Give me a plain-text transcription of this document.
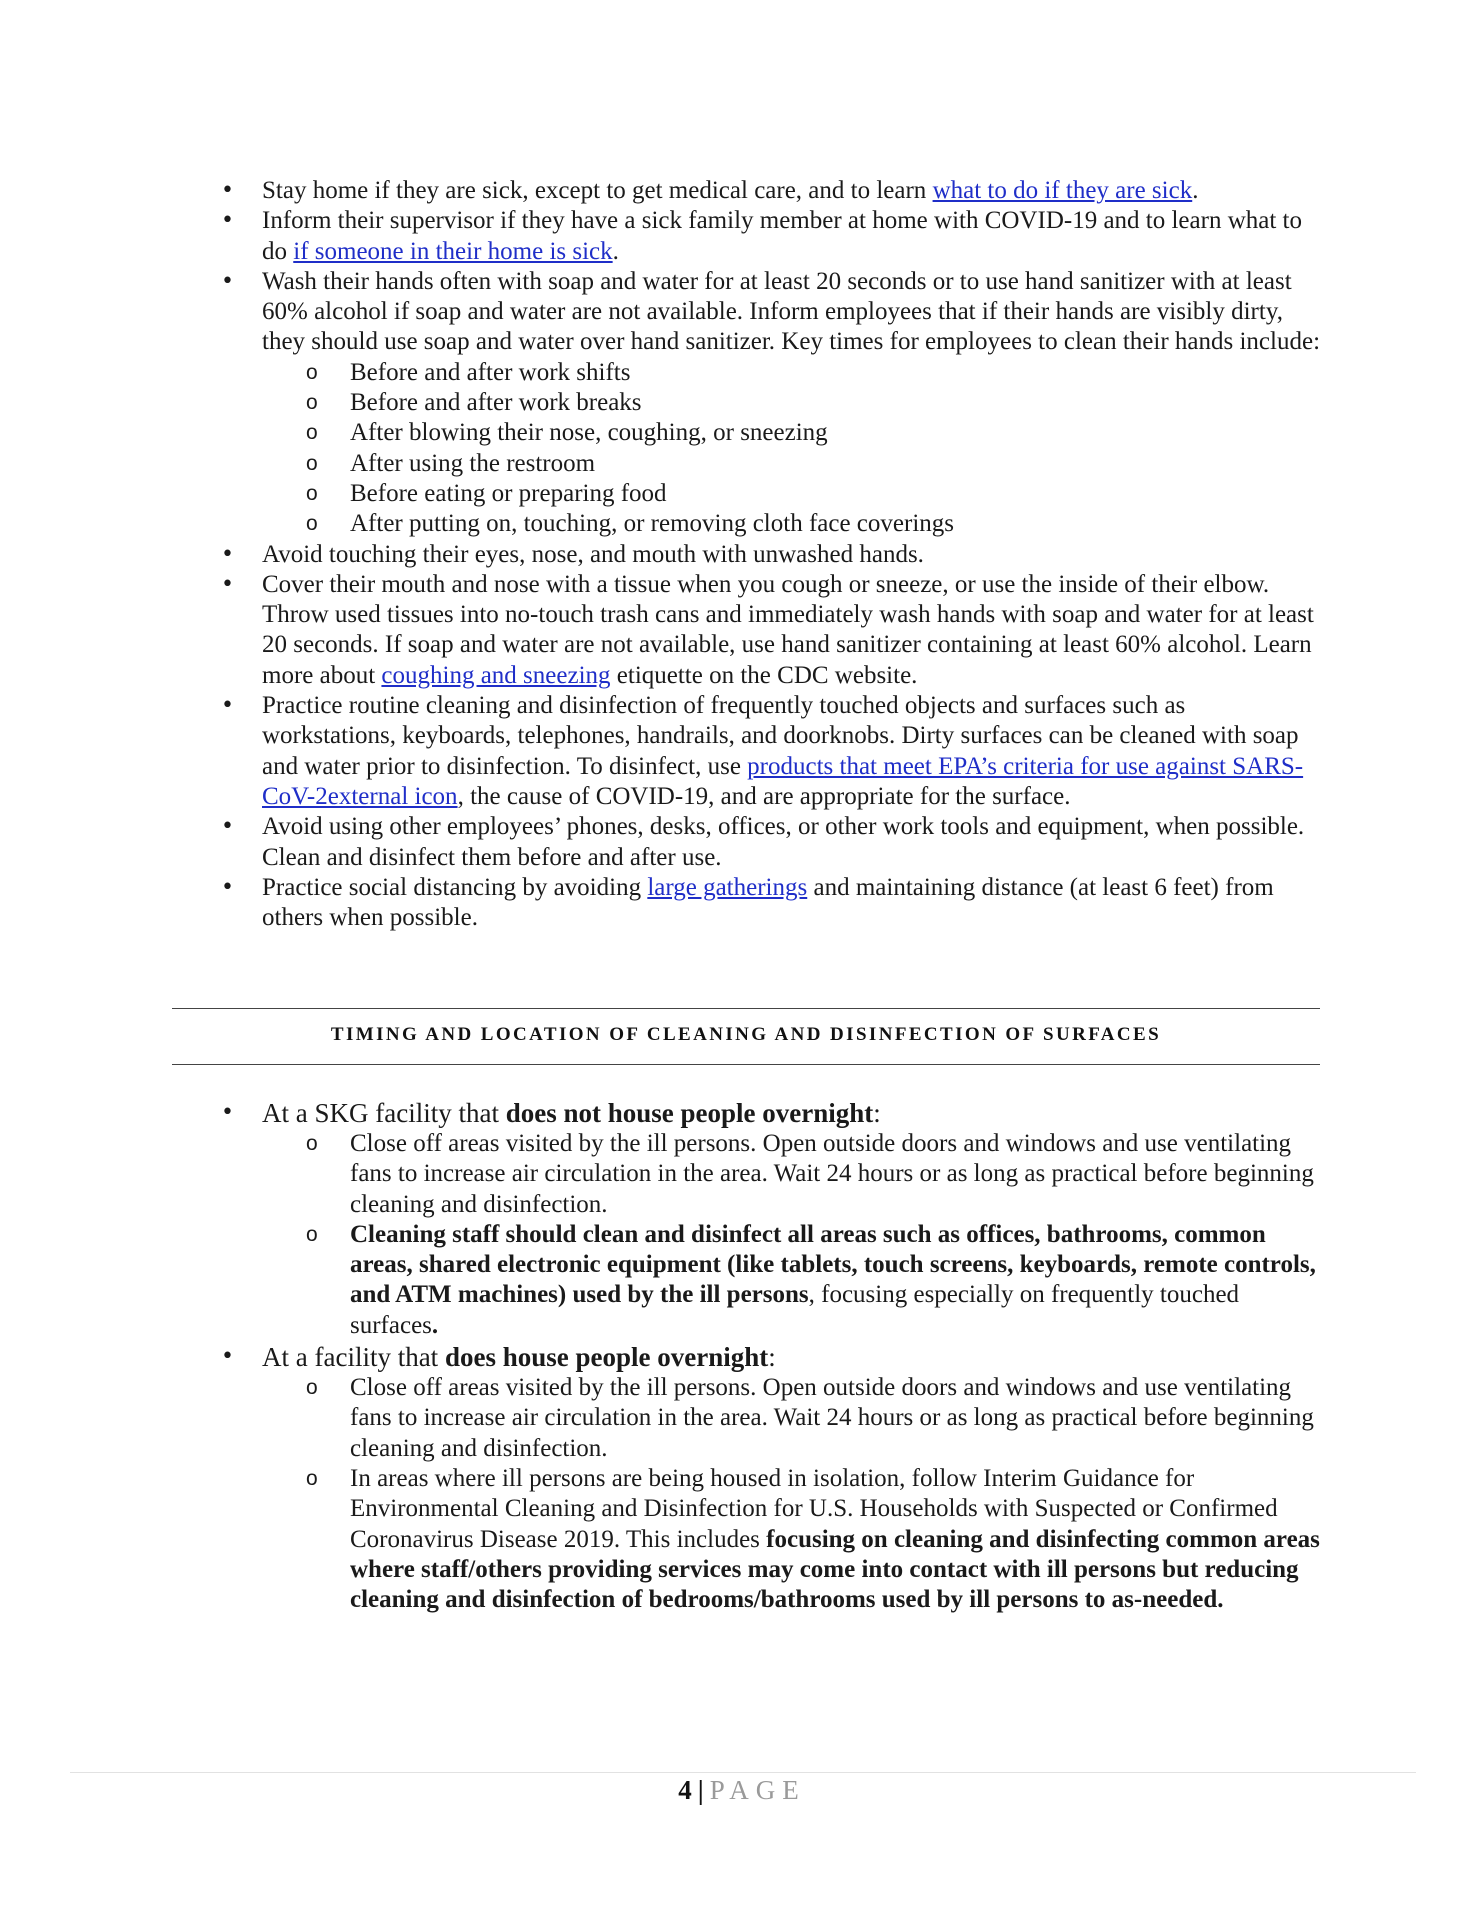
• Stay home if they are sick, except to get medical care, and to learn what to do if they are sick.
• Inform their supervisor if they have a sick family member at home with COVID-19 and to learn what to do if someone in their home is sick.
• Wash their hands often with soap and water for at least 20 seconds or to use hand sanitizer with at least 60% alcohol if soap and water are not available. Inform employees that if their hands are visibly dirty, they should use soap and water over hand sanitizer. Key times for employees to clean their hands include:
o Before and after work shifts
o Before and after work breaks
o After blowing their nose, coughing, or sneezing
o After using the restroom
o Before eating or preparing food
o After putting on, touching, or removing cloth face coverings
• Avoid touching their eyes, nose, and mouth with unwashed hands.
• Cover their mouth and nose with a tissue when you cough or sneeze, or use the inside of their elbow. Throw used tissues into no-touch trash cans and immediately wash hands with soap and water for at least 20 seconds. If soap and water are not available, use hand sanitizer containing at least 60% alcohol. Learn more about coughing and sneezing etiquette on the CDC website.
• Practice routine cleaning and disinfection of frequently touched objects and surfaces such as workstations, keyboards, telephones, handrails, and doorknobs. Dirty surfaces can be cleaned with soap and water prior to disinfection. To disinfect, use products that meet EPA’s criteria for use against SARS-CoV-2external icon, the cause of COVID-19, and are appropriate for the surface.
• Avoid using other employees’ phones, desks, offices, or other work tools and equipment, when possible. Clean and disinfect them before and after use.
• Practice social distancing by avoiding large gatherings and maintaining distance (at least 6 feet) from others when possible.
TIMING AND LOCATION OF CLEANING AND DISINFECTION OF SURFACES
• At a SKG facility that does not house people overnight:
o Close off areas visited by the ill persons. Open outside doors and windows and use ventilating fans to increase air circulation in the area. Wait 24 hours or as long as practical before beginning cleaning and disinfection.
o Cleaning staff should clean and disinfect all areas such as offices, bathrooms, common areas, shared electronic equipment (like tablets, touch screens, keyboards, remote controls, and ATM machines) used by the ill persons, focusing especially on frequently touched surfaces.
• At a facility that does house people overnight:
o Close off areas visited by the ill persons. Open outside doors and windows and use ventilating fans to increase air circulation in the area. Wait 24 hours or as long as practical before beginning cleaning and disinfection.
o In areas where ill persons are being housed in isolation, follow Interim Guidance for Environmental Cleaning and Disinfection for U.S. Households with Suspected or Confirmed Coronavirus Disease 2019. This includes focusing on cleaning and disinfecting common areas where staff/others providing services may come into contact with ill persons but reducing cleaning and disinfection of bedrooms/bathrooms used by ill persons to as-needed.
4 | PAGE
